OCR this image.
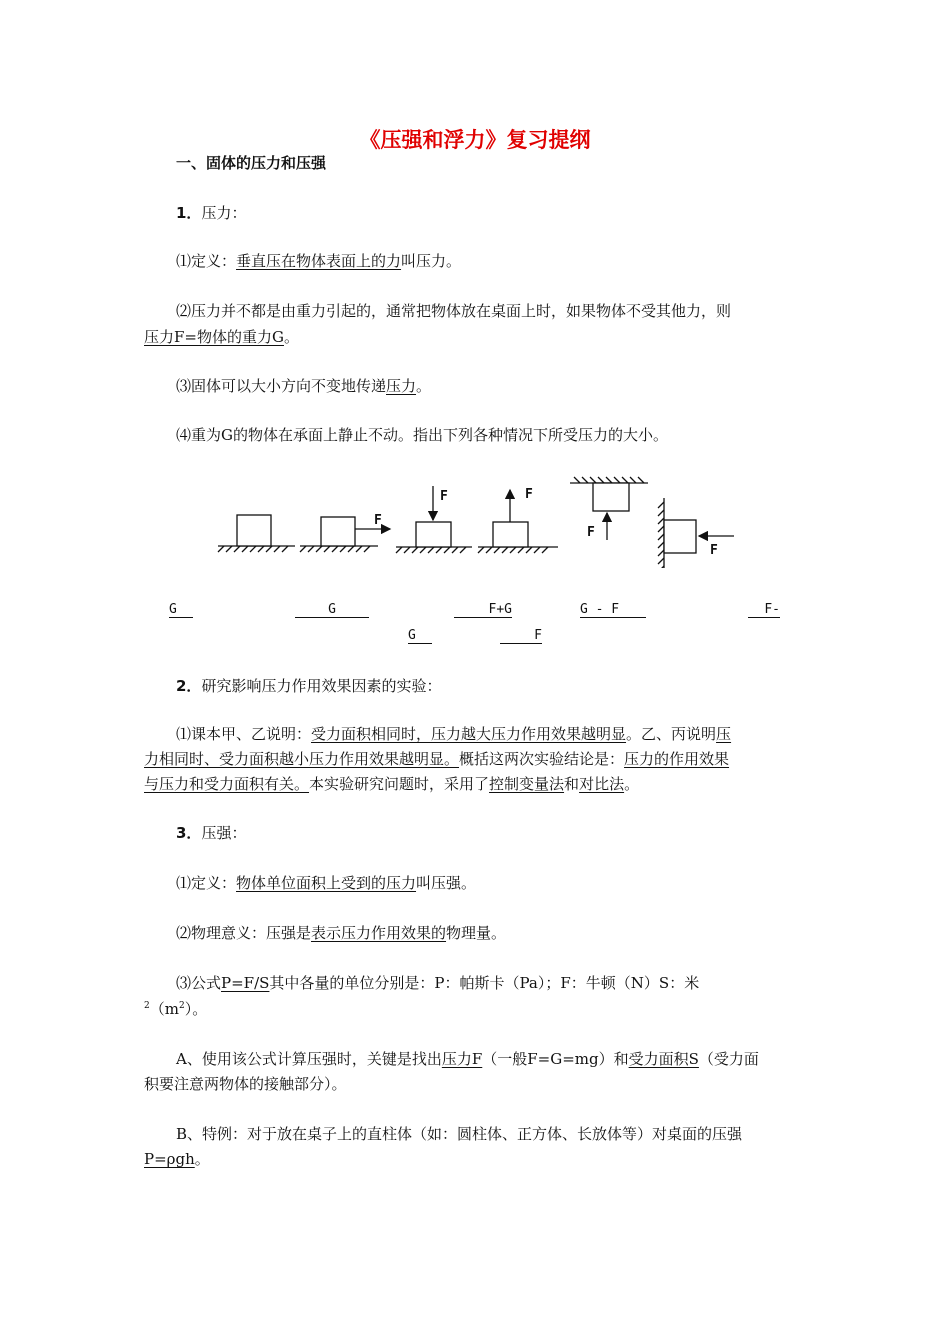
《压强和浮力》复习提纲
一、固体的压力和压强
1．压力：
⑴定义：垂直压在物体表面上的力叫压力。
⑵压力并不都是由重力引起的，通常把物体放在桌面上时，如果物体不受其他力，则
压力F=物体的重力G。
⑶固体可以大小方向不变地传递压力。
⑷重为G的物体在承面上静止不动。指出下列各种情况下所受压力的大小。
F
F	F
F
F
G	G	F+G	G - F	F-
G	F
2．研究影响压力作用效果因素的实验：
⑴课本甲、乙说明：受力面积相同时，压力越大压力作用效果越明显。乙、丙说明压
力相同时、受力面积越小压力作用效果越明显。概括这两次实验结论是：压力的作用效果
与压力和受力面积有关。本实验研究问题时，采用了控制变量法和对比法。
3．压强：
⑴定义：物体单位面积上受到的压力叫压强。
⑵物理意义：压强是表示压力作用效果的物理量。
⑶公式P=F/S其中各量的单位分别是：P：帕斯卡（Pa）；F：牛顿（N）S：米
$^2(m^2)$。
A、使用该公式计算压强时，关键是找出压力F（一般F=G=mg）和受力面积S（受力面
积要注意两物体的接触部分）。
B、特例：对于放在桌子上的直柱体（如：圆柱体、正方体、长放体等）对桌面的压强
P=ρgh。
